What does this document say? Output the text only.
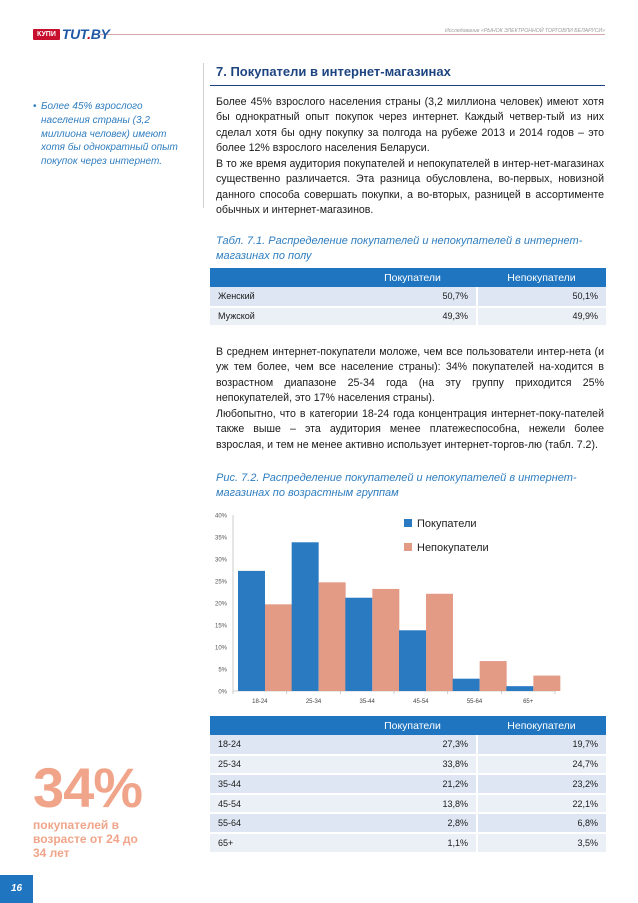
КУПИ TUT.BY	Исследование «РЫНОК ЭЛЕКТРОННОЙ ТОРГОВЛИ БЕЛАРУСИ»
• Более 45% взрослого населения страны (3,2 миллиона человек) имеют хотя бы однократный опыт покупок через интернет.
7. Покупатели в интернет-магазинах

Более 45% взрослого населения страны (3,2 миллиона человек) имеют хотя бы однократный опыт покупок через интернет. Каждый четвер-тый из них сделал хотя бы одну покупку за полгода на рубеже 2013 и 2014 годов – это более 12% взрослого населения Беларуси.

В то же время аудитория покупателей и непокупателей в интер-нет-магазинах существенно различается. Эта разница обусловлена, во-первых, новизной данного способа совершать покупки, а во-вторых, разницей в ассортименте обычных и интернет-магазинов.

Табл. 7.1. Распределение покупателей и непокупателей в интернет-магазинах по полу
	Покупатели	Непокупатели
Женский	50,7%	50,1%
Мужской	49,3%	49,9%

В среднем интернет-покупатели моложе, чем все пользователи интер-нета (и уж тем более, чем все население страны): 34% покупателей на-ходится в возрастном диапазоне 25-34 года (на эту группу приходится 25% непокупателей, это 17% населения страны).

Любопытно, что в категории 18-24 года концентрация интернет-поку-пателей также выше – эта аудитория менее платежеспособна, нежели более взрослая, и тем не менее активно использует интернет-торгов-лю (табл. 7.2).

Рис. 7.2. Распределение покупателей и непокупателей в интернет-магазинах по возрастным группам
0%
5%
10%
15%
20%
25%
30%
35%
40%
18-24	25-34	35-44	45-54	55-64	65+
Покупатели
Непокупатели
	Покупатели	Непокупатели
18-24	27,3%	19,7%
25-34	33,8%	24,7%
35-44	21,2%	23,2%
45-54	13,8%	22,1%
55-64	2,8%	6,8%
65+	1,1%	3,5%
34%
покупателей в возрасте от 24 до 34 лет
16
